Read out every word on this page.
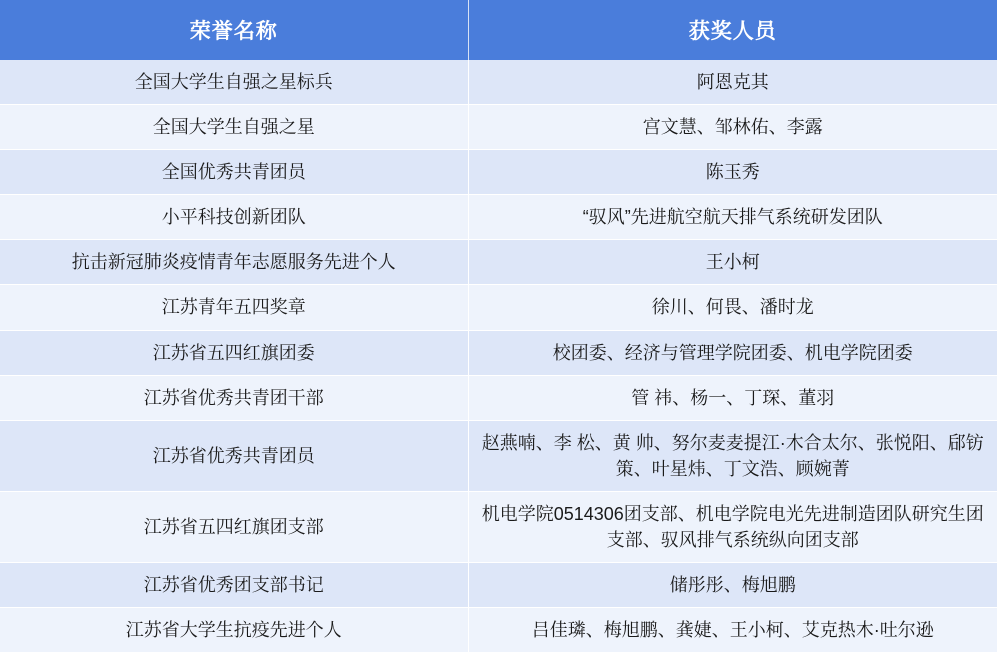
荣誉名称	获奖人员
全国大学生自强之星标兵	阿恩克其
全国大学生自强之星	宫文慧、邹林佑、李露
全国优秀共青团员	陈玉秀
小平科技创新团队	“驭风”先进航空航天排气系统研发团队
抗击新冠肺炎疫情青年志愿服务先进个人	王小柯
江苏青年五四奖章	徐川、何畏、潘时龙
江苏省五四红旗团委	校团委、经济与管理学院团委、机电学院团委
江苏省优秀共青团干部	管 祎、杨一、丁琛、董羽
江苏省优秀共青团员	赵燕喃、李 松、黄 帅、努尔麦麦提江·木合太尔、张悦阳、郈钫策、叶星炜、丁文浩、顾婉菁
江苏省五四红旗团支部	机电学院0514306团支部、机电学院电光先进制造团队研究生团支部、驭风排气系统纵向团支部
江苏省优秀团支部书记	储彤彤、梅旭鹏
江苏省大学生抗疫先进个人	吕佳璘、梅旭鹏、龚婕、王小柯、艾克热木·吐尔逊
